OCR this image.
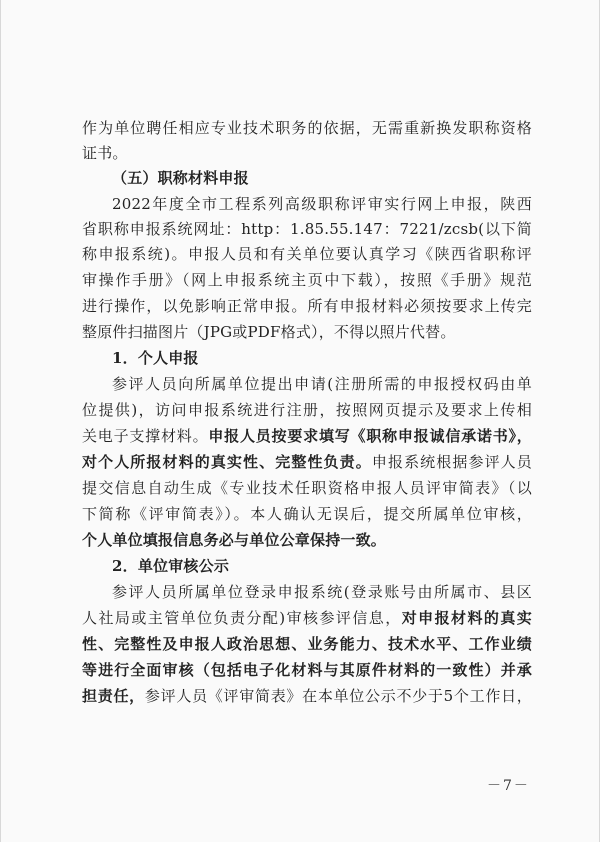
作为单位聘任相应专业技术职务的依据，无需重新换发职称资格
证书。
（五）职称材料申报
2022年度全市工程系列高级职称评审实行网上申报，陕西
省职称申报系统网址：http：1.85.55.147：7221/zcsb(以下简
称申报系统)。申报人员和有关单位要认真学习《陕西省职称评
审操作手册》（网上申报系统主页中下载），按照《手册》规范
进行操作，以免影响正常申报。所有申报材料必须按要求上传完
整原件扫描图片（JPG或PDF格式），不得以照片代替。
1．个人申报
参评人员向所属单位提出申请(注册所需的申报授权码由单
位提供)，访问申报系统进行注册，按照网页提示及要求上传相
关电子支撑材料。申报人员按要求填写《职称申报诚信承诺书》，
对个人所报材料的真实性、完整性负责。申报系统根据参评人员
提交信息自动生成《专业技术任职资格申报人员评审简表》（以
下简称《评审简表》）。本人确认无误后，提交所属单位审核，
个人单位填报信息务必与单位公章保持一致。
2．单位审核公示
参评人员所属单位登录申报系统(登录账号由所属市、县区
人社局或主管单位负责分配)审核参评信息，对申报材料的真实
性、完整性及申报人政治思想、业务能力、技术水平、工作业绩
等进行全面审核（包括电子化材料与其原件材料的一致性）并承
担责任，参评人员《评审简表》在本单位公示不少于5个工作日，
－7－
